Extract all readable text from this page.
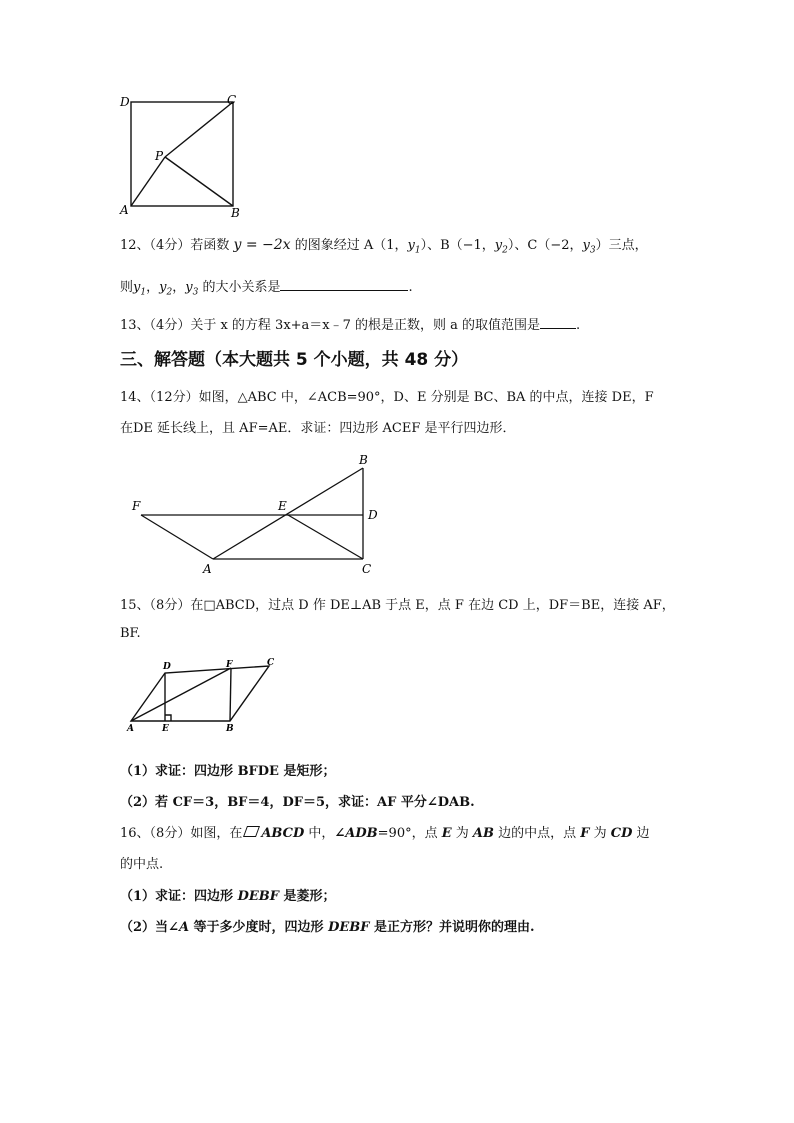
D	C
P
A	B
12、（4分）若函数 y = −2x 的图象经过 A（1，$y_1$）、B（−1，$y_2$）、C（−2，$y_3$）三点，
则$y_1$，$y_2$，$y_3$ 的大小关系是	.
13、（4分）关于 x 的方程 3x+a＝x﹣7 的根是正数，则 a 的取值范围是	.
三、解答题（本大题共 5 个小题，共 48 分）
14、（12分）如图，△ABC 中，∠ACB=90°，D、E 分别是 BC、BA 的中点，连接 DE，F
在DE 延长线上，且 AF=AE．求证：四边形 ACEF 是平行四边形．
B
F	E
D
A	C
15、（8分）在□ABCD，过点 D 作 DE⊥AB 于点 E，点 F 在边 CD 上，DF＝BE，连接 AF，
BF.
D	F	C
A	E	B
（1）求证：四边形 BFDE 是矩形；
（2）若 CF＝3，BF＝4，DF＝5，求证：AF 平分∠DAB.
16、（8分）如图，在 ABCD 中，∠ADB=90°，点 E 为 AB 边的中点，点 F 为 CD 边
的中点.
（1）求证：四边形 DEBF 是菱形；
（2）当∠A 等于多少度时，四边形 DEBF 是正方形？并说明你的理由.
